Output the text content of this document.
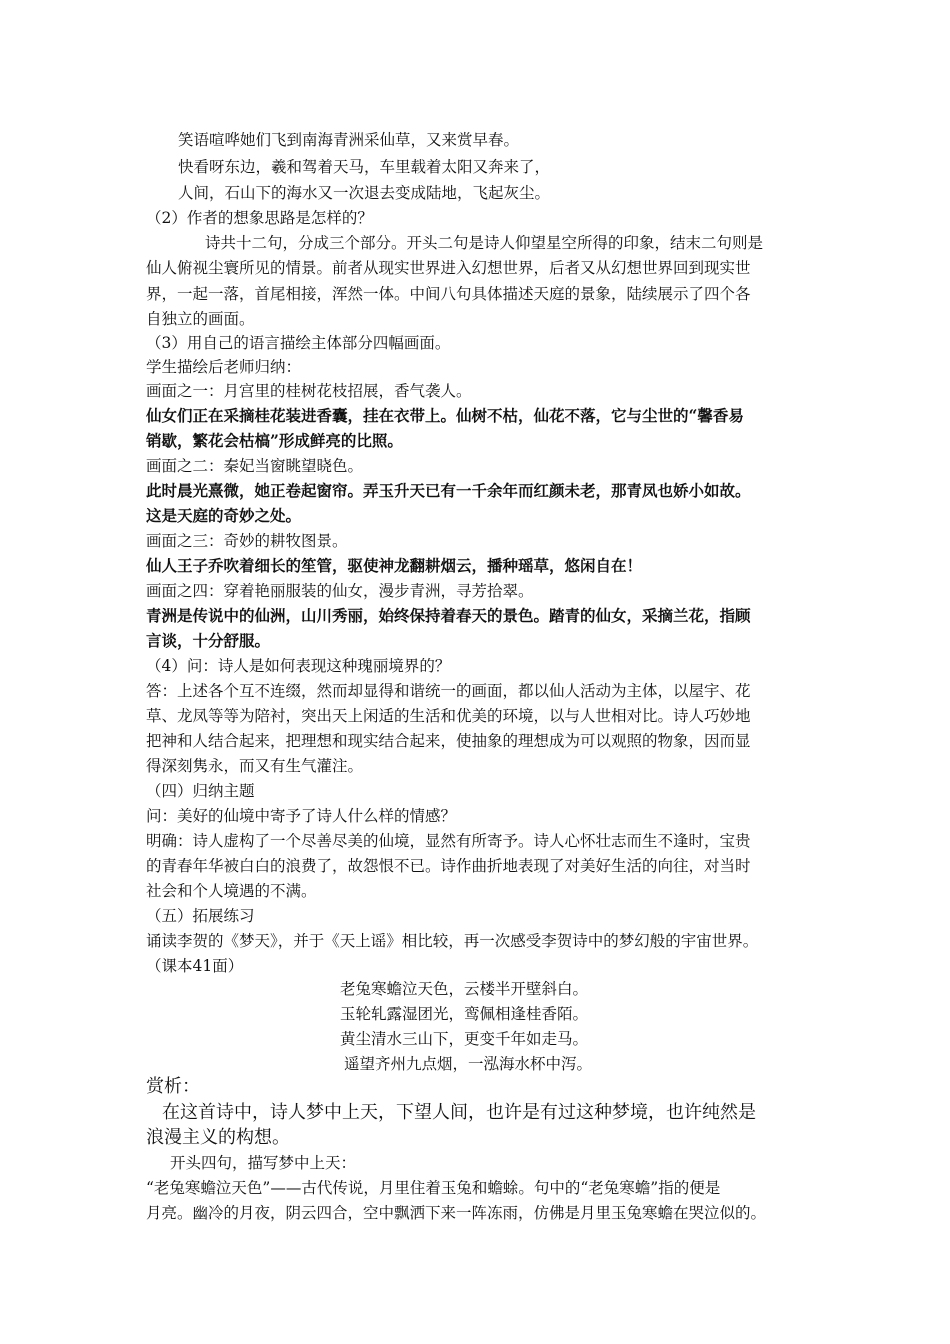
笑语喧哗她们飞到南海青洲采仙草，又来赏早春。
快看呀东边，羲和驾着天马，车里载着太阳又奔来了，
人间，石山下的海水又一次退去变成陆地，飞起灰尘。
（2）作者的想象思路是怎样的？
诗共十二句，分成三个部分。开头二句是诗人仰望星空所得的印象，结末二句则是
仙人俯视尘寰所见的情景。前者从现实世界进入幻想世界，后者又从幻想世界回到现实世
界，一起一落，首尾相接，浑然一体。中间八句具体描述天庭的景象，陆续展示了四个各
自独立的画面。
（3）用自己的语言描绘主体部分四幅画面。
学生描绘后老师归纳：
画面之一：月宫里的桂树花枝招展，香气袭人。
仙女们正在采摘桂花装进香囊，挂在衣带上。仙树不枯，仙花不落，它与尘世的“馨香易
销歇，繁花会枯槁”形成鲜亮的比照。
画面之二：秦妃当窗眺望晓色。
此时晨光熹微，她正卷起窗帘。弄玉升天已有一千余年而红颜未老，那青凤也娇小如故。
这是天庭的奇妙之处。
画面之三：奇妙的耕牧图景。
仙人王子乔吹着细长的笙管，驱使神龙翻耕烟云，播种瑶草，悠闲自在！
画面之四：穿着艳丽服装的仙女，漫步青洲，寻芳拾翠。
青洲是传说中的仙洲，山川秀丽，始终保持着春天的景色。踏青的仙女，采摘兰花，指顾
言谈，十分舒服。
（4）问：诗人是如何表现这种瑰丽境界的？
答：上述各个互不连缀，然而却显得和谐统一的画面，都以仙人活动为主体，以屋宇、花
草、龙凤等等为陪衬，突出天上闲适的生活和优美的环境，以与人世相对比。诗人巧妙地
把神和人结合起来，把理想和现实结合起来，使抽象的理想成为可以观照的物象，因而显
得深刻隽永，而又有生气灌注。
（四）归纳主题
问：美好的仙境中寄予了诗人什么样的情感？
明确：诗人虚构了一个尽善尽美的仙境，显然有所寄予。诗人心怀壮志而生不逢时，宝贵
的青春年华被白白的浪费了，故怨恨不已。诗作曲折地表现了对美好生活的向往，对当时
社会和个人境遇的不满。
（五）拓展练习
诵读李贺的《梦天》，并于《天上谣》相比较，再一次感受李贺诗中的梦幻般的宇宙世界。
（课本41面）
老兔寒蟾泣天色，云楼半开壁斜白。
玉轮轧露湿团光，鸾佩相逢桂香陌。
黄尘清水三山下，更变千年如走马。
遥望齐州九点烟，一泓海水杯中泻。
赏析：
在这首诗中，诗人梦中上天，下望人间，也许是有过这种梦境，也许纯然是
浪漫主义的构想。
开头四句，描写梦中上天：
“老兔寒蟾泣天色”——古代传说，月里住着玉兔和蟾蜍。句中的“老兔寒蟾”指的便是
月亮。幽冷的月夜，阴云四合，空中飘洒下来一阵冻雨，仿佛是月里玉兔寒蟾在哭泣似的。
